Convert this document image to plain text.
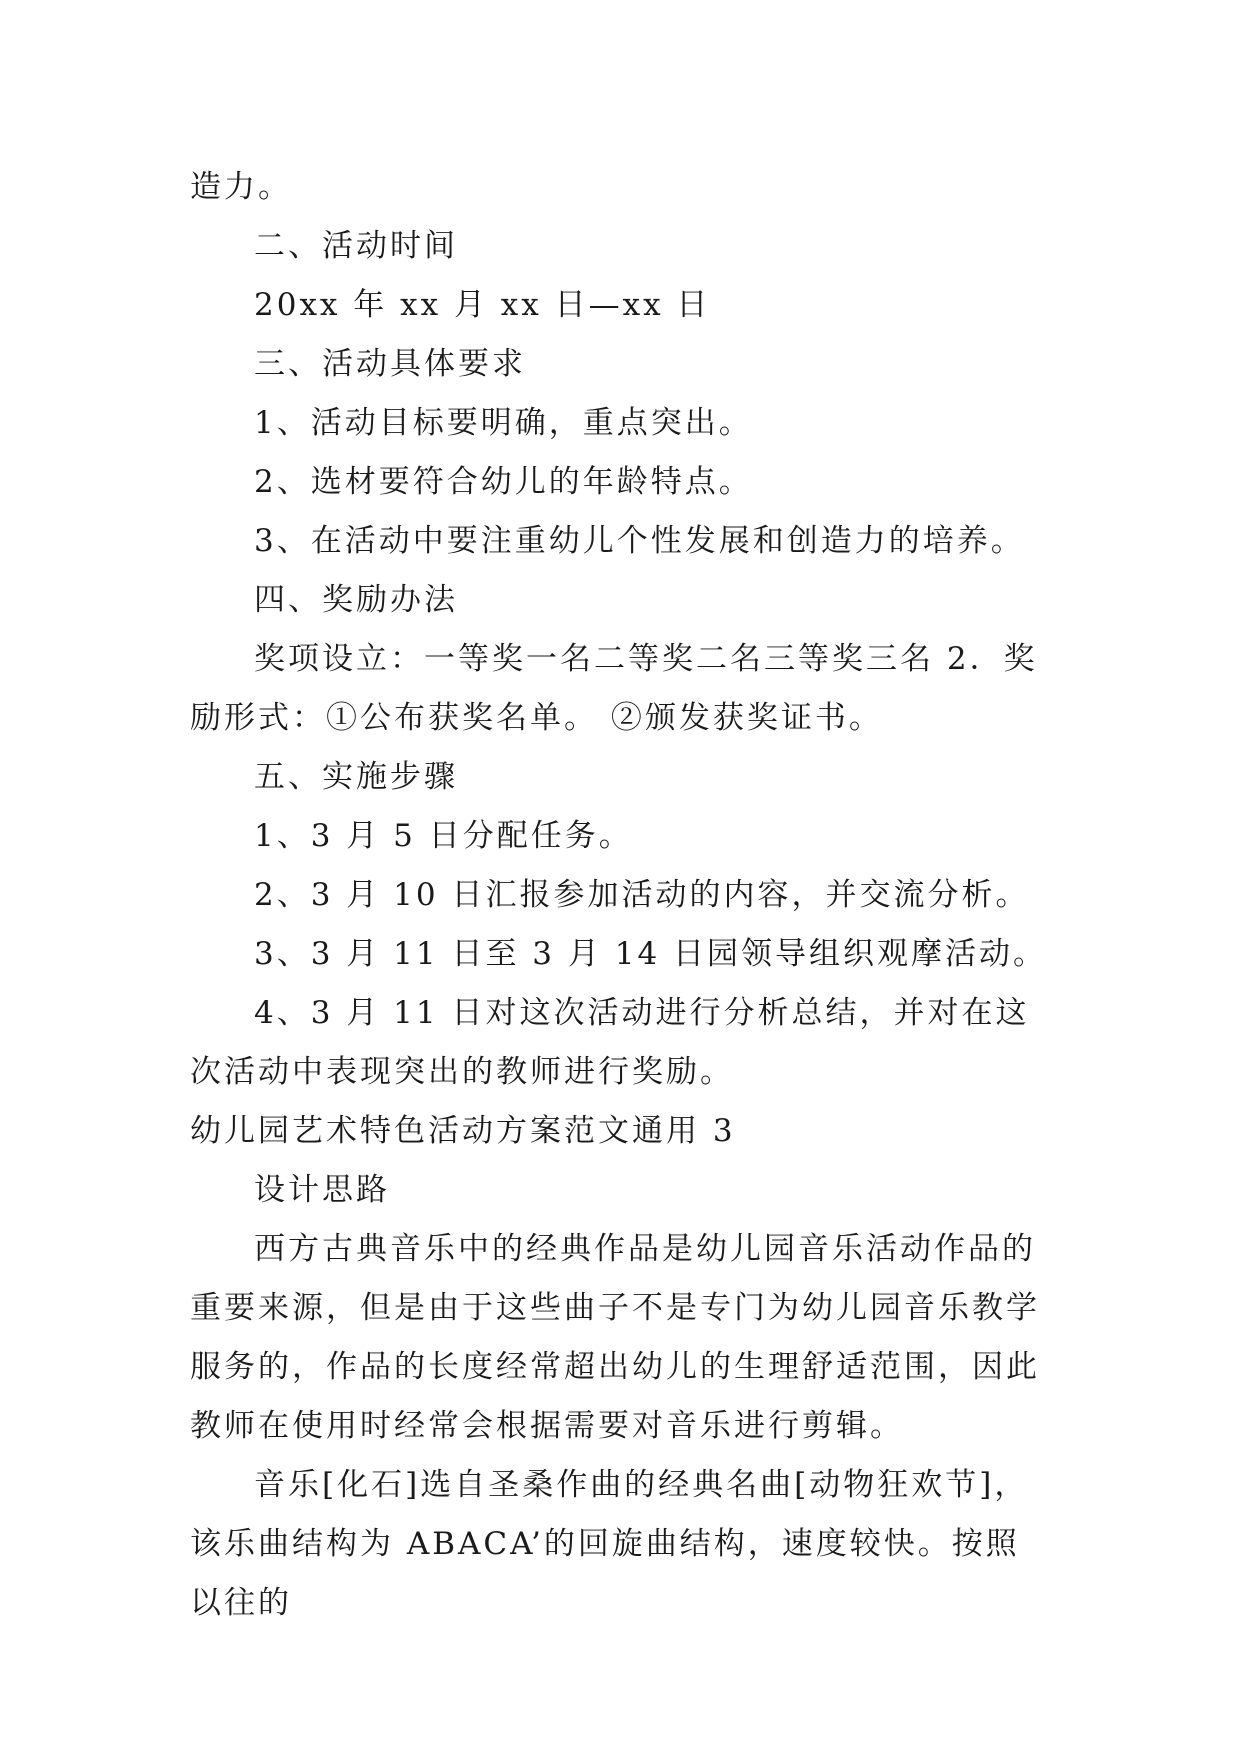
造力。

二、活动时间

20xx 年 xx 月 xx 日—xx 日

三、活动具体要求

1、活动目标要明确，重点突出。

2、选材要符合幼儿的年龄特点。

3、在活动中要注重幼儿个性发展和创造力的培养。

四、奖励办法

奖项设立：一等奖一名二等奖二名三等奖三名 2．奖励形式：①公布获奖名单。 ②颁发获奖证书。

五、实施步骤

1、3 月 5 日分配任务。

2、3 月 10 日汇报参加活动的内容，并交流分析。

3、3 月 11 日至 3 月 14 日园领导组织观摩活动。

4、3 月 11 日对这次活动进行分析总结，并对在这次活动中表现突出的教师进行奖励。

幼儿园艺术特色活动方案范文通用 3

设计思路

西方古典音乐中的经典作品是幼儿园音乐活动作品的重要来源，但是由于这些曲子不是专门为幼儿园音乐教学服务的，作品的长度经常超出幼儿的生理舒适范围，因此教师在使用时经常会根据需要对音乐进行剪辑。

音乐[化石]选自圣桑作曲的经典名曲[动物狂欢节]，该乐曲结构为 ABACA’的回旋曲结构，速度较快。按照以往的
